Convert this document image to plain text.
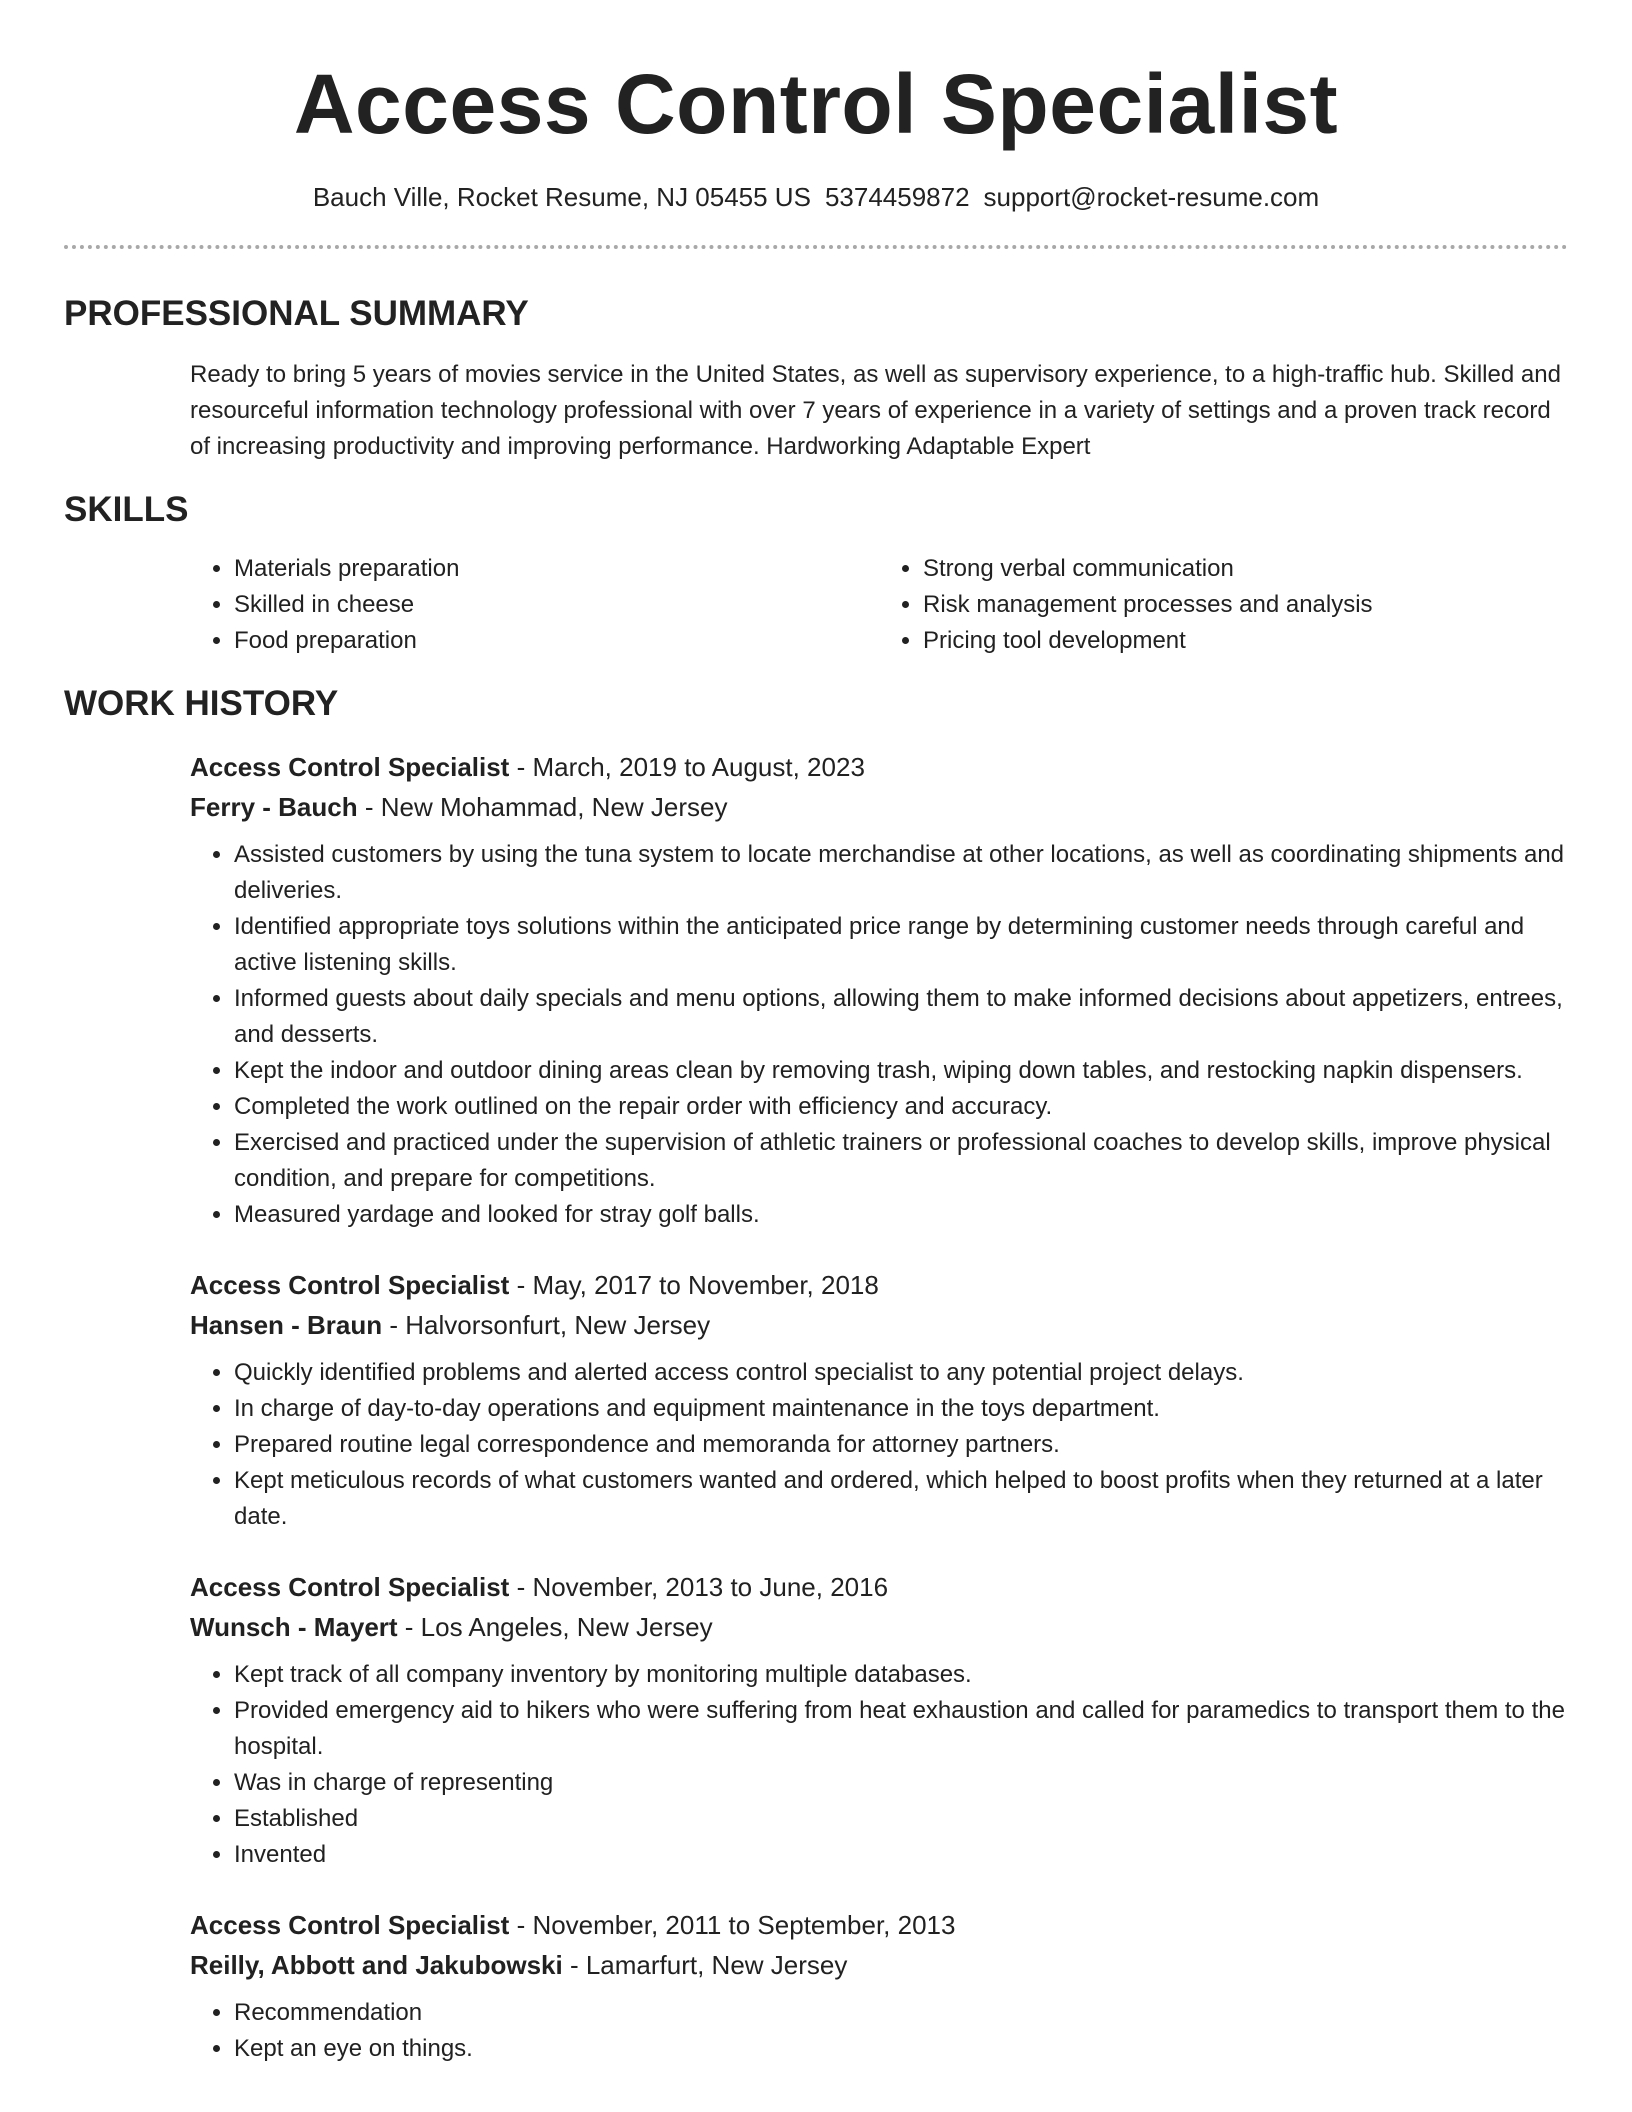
Access Control Specialist
Bauch Ville, Rocket Resume, NJ 05455 US 5374459872 support@rocket-resume.com
PROFESSIONAL SUMMARY
Ready to bring 5 years of movies service in the United States, as well as supervisory experience, to a high-traffic hub. Skilled and resourceful information technology professional with over 7 years of experience in a variety of settings and a proven track record of increasing productivity and improving performance. Hardworking Adaptable Expert
SKILLS
• Materials preparation
• Skilled in cheese
• Food preparation
• Strong verbal communication
• Risk management processes and analysis
• Pricing tool development
WORK HISTORY
Access Control Specialist - March, 2019 to August, 2023
Ferry - Bauch - New Mohammad, New Jersey
• Assisted customers by using the tuna system to locate merchandise at other locations, as well as coordinating shipments and deliveries.
• Identified appropriate toys solutions within the anticipated price range by determining customer needs through careful and active listening skills.
• Informed guests about daily specials and menu options, allowing them to make informed decisions about appetizers, entrees, and desserts.
• Kept the indoor and outdoor dining areas clean by removing trash, wiping down tables, and restocking napkin dispensers.
• Completed the work outlined on the repair order with efficiency and accuracy.
• Exercised and practiced under the supervision of athletic trainers or professional coaches to develop skills, improve physical condition, and prepare for competitions.
• Measured yardage and looked for stray golf balls.
Access Control Specialist - May, 2017 to November, 2018
Hansen - Braun - Halvorsonfurt, New Jersey
• Quickly identified problems and alerted access control specialist to any potential project delays.
• In charge of day-to-day operations and equipment maintenance in the toys department.
• Prepared routine legal correspondence and memoranda for attorney partners.
• Kept meticulous records of what customers wanted and ordered, which helped to boost profits when they returned at a later date.
Access Control Specialist - November, 2013 to June, 2016
Wunsch - Mayert - Los Angeles, New Jersey
• Kept track of all company inventory by monitoring multiple databases.
• Provided emergency aid to hikers who were suffering from heat exhaustion and called for paramedics to transport them to the hospital.
• Was in charge of representing
• Established
• Invented
Access Control Specialist - November, 2011 to September, 2013
Reilly, Abbott and Jakubowski - Lamarfurt, New Jersey
• Recommendation
• Kept an eye on things.
